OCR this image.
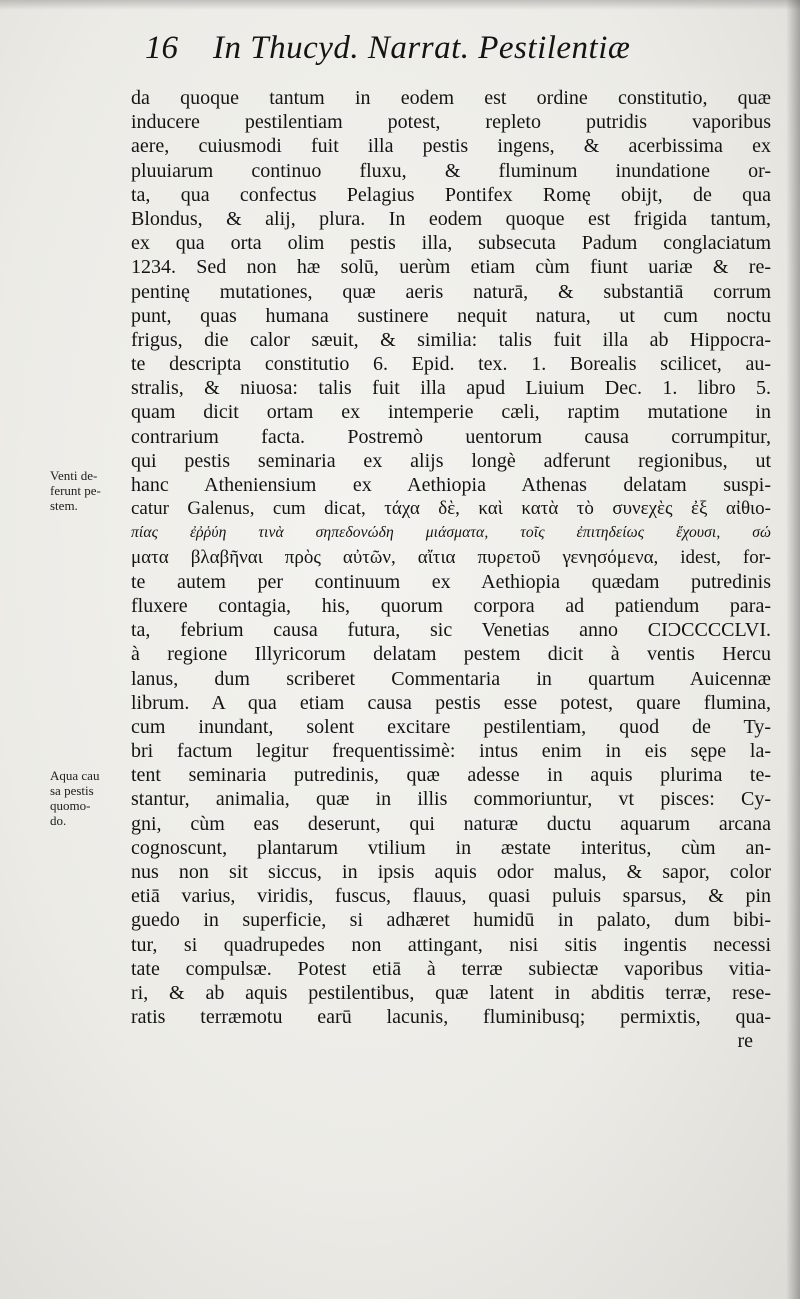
16 In Thucyd. Narrat. Pestilentiæ
Venti de-
ferunt pe-
stem.
Aqua cau
sa pestis
quomo-
do.
da quoque tantum in eodem est ordine constitutio, quæ
inducere pestilentiam potest, repleto putridis vaporibus
aere, cuiusmodi fuit illa pestis ingens, & acerbissima ex
pluuiarum continuo fluxu, & fluminum inundatione or-
ta, qua confectus Pelagius Pontifex Romę obijt, de qua
Blondus, & alij, plura. In eodem quoque est frigida tantum,
ex qua orta olim pestis illa, subsecuta Padum conglaciatum
1234. Sed non hæ solū, uerùm etiam cùm fiunt uariæ & re-
pentinę mutationes, quæ aeris naturā, & substantiā corrum
punt, quas humana sustinere nequit natura, ut cum noctu
frigus, die calor sæuit, & similia: talis fuit illa ab Hippocra-
te descripta constitutio 6. Epid. tex. 1. Borealis scilicet, au-
stralis, & niuosa: talis fuit illa apud Liuium Dec. 1. libro 5.
quam dicit ortam ex intemperie cæli, raptim mutatione in
contrarium facta. Postremò uentorum causa corrumpitur,
qui pestis seminaria ex alijs longè adferunt regionibus, ut
hanc Atheniensium ex Aethiopia Athenas delatam suspi-
catur Galenus, cum dicat, τάχα δὲ, καὶ κατὰ τὸ συνεχὲς ἐξ αἰθιο-
πίας ἐῤῥύη τινὰ σηπεδονώδη μιάσματα, τοῖς ἐπιτηδείως ἔχουσι, σώ
ματα βλαβῆναι πρὸς αὐτῶν, αἴτια πυρετοῦ γενησόμενα, idest, for-
te autem per continuum ex Aethiopia quædam putredinis
fluxere contagia, his, quorum corpora ad patiendum para-
ta, febrium causa futura, sic Venetias anno CIƆCCCCLVI.
à regione Illyricorum delatam pestem dicit à ventis Hercu
lanus, dum scriberet Commentaria in quartum Auicennæ
librum. A qua etiam causa pestis esse potest, quare flumina,
cum inundant, solent excitare pestilentiam, quod de Ty-
bri factum legitur frequentissimè: intus enim in eis sępe la-
tent seminaria putredinis, quæ adesse in aquis plurima te-
stantur, animalia, quæ in illis commoriuntur, vt pisces: Cy-
gni, cùm eas deserunt, qui naturæ ductu aquarum arcana
cognoscunt, plantarum vtilium in æstate interitus, cùm an-
nus non sit siccus, in ipsis aquis odor malus, & sapor, color
etiā varius, viridis, fuscus, flauus, quasi puluis sparsus, & pin
guedo in superficie, si adhæret humidū in palato, dum bibi-
tur, si quadrupedes non attingant, nisi sitis ingentis necessi
tate compulsæ. Potest etiā à terræ subiectæ vaporibus vitia-
ri, & ab aquis pestilentibus, quæ latent in abditis terræ, rese-
ratis terræmotu earū lacunis, fluminibusq; permixtis, qua-
re
